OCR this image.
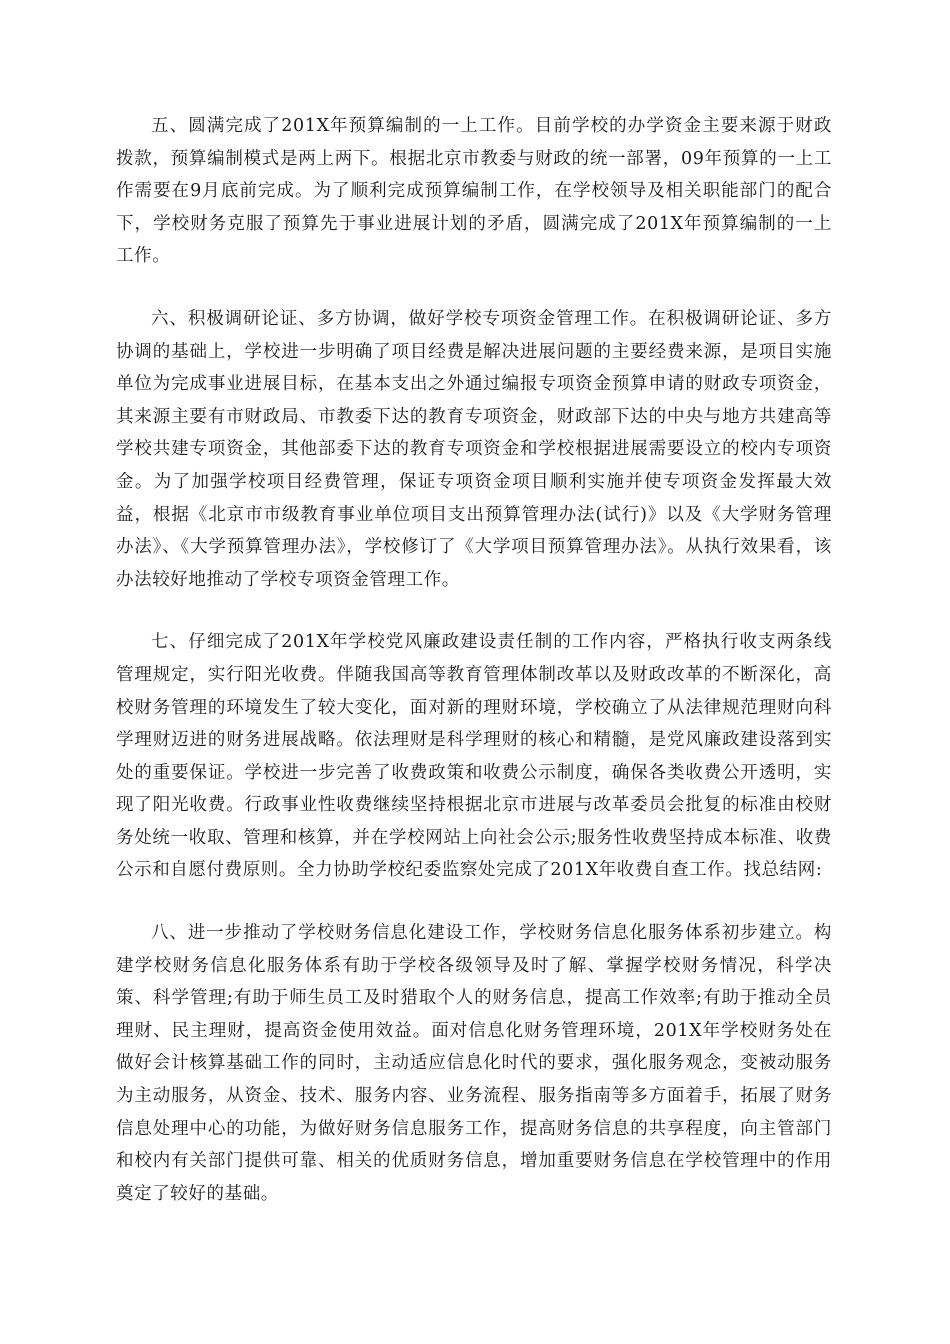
五、圆满完成了201X年预算编制的一上工作。目前学校的办学资金主要来源于财政拨款，预算编制模式是两上两下。根据北京市教委与财政的统一部署，09年预算的一上工作需要在9月底前完成。为了顺利完成预算编制工作，在学校领导及相关职能部门的配合下，学校财务克服了预算先于事业进展计划的矛盾，圆满完成了201X年预算编制的一上工作。

六、积极调研论证、多方协调，做好学校专项资金管理工作。在积极调研论证、多方协调的基础上，学校进一步明确了项目经费是解决进展问题的主要经费来源，是项目实施单位为完成事业进展目标，在基本支出之外通过编报专项资金预算申请的财政专项资金，其来源主要有市财政局、市教委下达的教育专项资金，财政部下达的中央与地方共建高等学校共建专项资金，其他部委下达的教育专项资金和学校根据进展需要设立的校内专项资金。为了加强学校项目经费管理，保证专项资金项目顺利实施并使专项资金发挥最大效益，根据《北京市市级教育事业单位项目支出预算管理办法(试行)》以及《大学财务管理办法》、《大学预算管理办法》，学校修订了《大学项目预算管理办法》。从执行效果看，该办法较好地推动了学校专项资金管理工作。

七、仔细完成了201X年学校党风廉政建设责任制的工作内容，严格执行收支两条线管理规定，实行阳光收费。伴随我国高等教育管理体制改革以及财政改革的不断深化，高校财务管理的环境发生了较大变化，面对新的理财环境，学校确立了从法律规范理财向科学理财迈进的财务进展战略。依法理财是科学理财的核心和精髓，是党风廉政建设落到实处的重要保证。学校进一步完善了收费政策和收费公示制度，确保各类收费公开透明，实现了阳光收费。行政事业性收费继续坚持根据北京市进展与改革委员会批复的标准由校财务处统一收取、管理和核算，并在学校网站上向社会公示;服务性收费坚持成本标准、收费公示和自愿付费原则。全力协助学校纪委监察处完成了201X年收费自查工作。找总结网:

八、进一步推动了学校财务信息化建设工作，学校财务信息化服务体系初步建立。构建学校财务信息化服务体系有助于学校各级领导及时了解、掌握学校财务情况，科学决策、科学管理;有助于师生员工及时猎取个人的财务信息，提高工作效率;有助于推动全员理财、民主理财，提高资金使用效益。面对信息化财务管理环境，201X年学校财务处在做好会计核算基础工作的同时，主动适应信息化时代的要求，强化服务观念，变被动服务为主动服务，从资金、技术、服务内容、业务流程、服务指南等多方面着手，拓展了财务信息处理中心的功能，为做好财务信息服务工作，提高财务信息的共享程度，向主管部门和校内有关部门提供可靠、相关的优质财务信息，增加重要财务信息在学校管理中的作用奠定了较好的基础。
